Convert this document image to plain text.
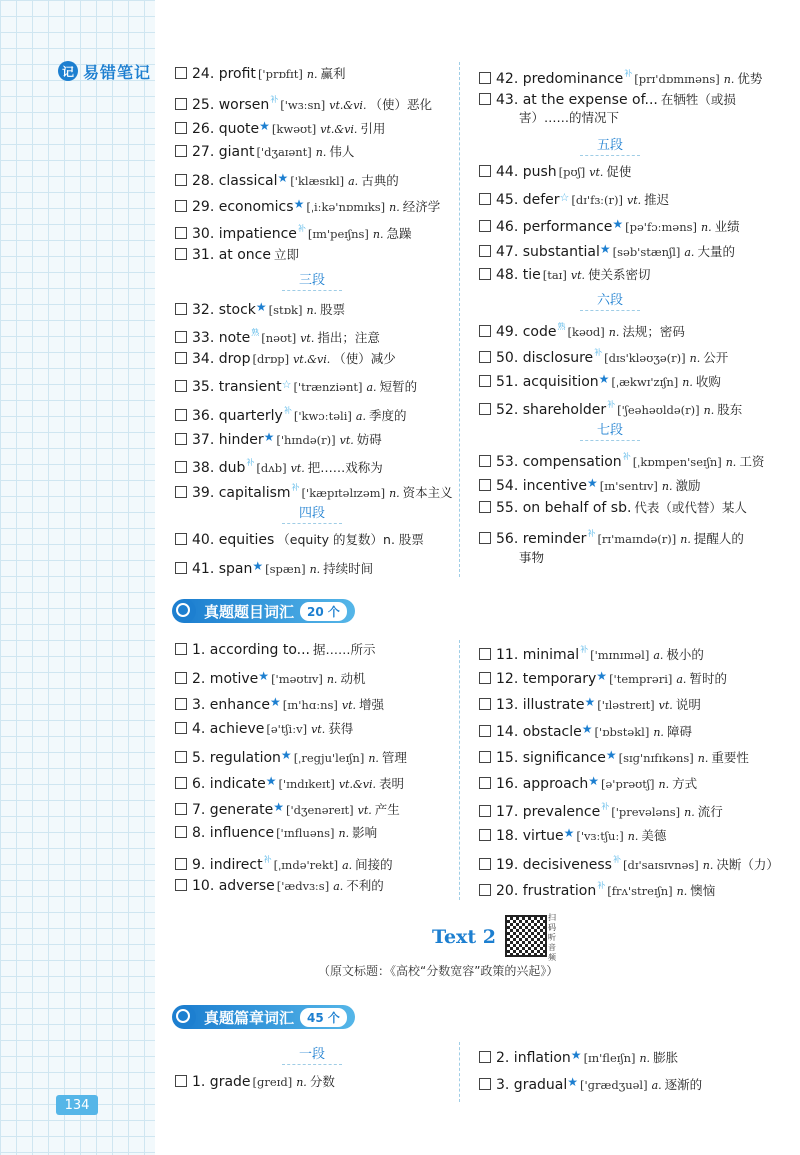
记 易错笔记	24. profit ['prɒfɪt] n. 赢利
25. worsen$^补$ ['wɜːsn] vt.&vi. （使）恶化
26. quote★ [kwəʊt] vt.&vi. 引用
27. giant ['dʒaɪənt] n. 伟人
28. classical★ ['klæsɪkl] a. 古典的
29. economics★ [ˌiːkə'nɒmɪks] n. 经济学
30. impatience$^补$ [ɪm'peɪʃns] n. 急躁
31. at once 立即
三段
32. stock★ [stɒk] n. 股票
33. note$^熟$ [nəʊt] vt. 指出；注意
34. drop [drɒp] vt.&vi. （使）减少
35. transient☆ ['trænziənt] a. 短暂的
36. quarterly$^补$ ['kwɔːtəli] a. 季度的
37. hinder★ ['hɪndə(r)] vt. 妨碍
38. dub$^补$ [dʌb] vt. 把……戏称为
39. capitalism$^补$ ['kæpɪtəlɪzəm] n. 资本主义
四段
40. equities （equity 的复数）n. 股票
41. span★ [spæn] n. 持续时间
42. predominance$^补$ [prɪ'dɒmɪnəns] n. 优势
43. at the expense of... 在牺牲（或损
害）……的情况下
五段
44. push [pʊʃ] vt. 促使
45. defer☆ [dɪ'fɜː(r)] vt. 推迟
46. performance★ [pə'fɔːməns] n. 业绩
47. substantial★ [səb'stænʃl] a. 大量的
48. tie [taɪ] vt. 使关系密切
六段
49. code$^熟$ [kəʊd] n. 法规；密码
50. disclosure$^补$ [dɪs'kləʊʒə(r)] n. 公开
51. acquisition★ [ˌækwɪ'zɪʃn] n. 收购
52. shareholder$^补$ ['ʃeəhəʊldə(r)] n. 股东
七段
53. compensation$^补$ [ˌkɒmpen'seɪʃn] n. 工资
54. incentive★ [ɪn'sentɪv] n. 激励
55. on behalf of sb. 代表（或代替）某人
56. reminder$^补$ [rɪ'maɪndə(r)] n. 提醒人的
事物
真题题目词汇	20 个
1. according to... 据……所示
2. motive★ ['məʊtɪv] n. 动机
3. enhance★ [ɪn'hɑːns] vt. 增强
4. achieve [ə'tʃiːv] vt. 获得
5. regulation★ [ˌregju'leɪʃn] n. 管理
6. indicate★ ['ɪndɪkeɪt] vt.&vi. 表明
7. generate★ ['dʒenəreɪt] vt. 产生
8. influence ['ɪnfluəns] n. 影响
9. indirect$^补$ [ˌɪndə'rekt] a. 间接的
10. adverse ['ædvɜːs] a. 不利的
11. minimal$^补$ ['mɪnɪməl] a. 极小的
12. temporary★ ['temprəri] a. 暂时的
13. illustrate★ ['ɪləstreɪt] vt. 说明
14. obstacle★ ['ɒbstəkl] n. 障碍
15. significance★ [sɪɡ'nɪfɪkəns] n. 重要性
16. approach★ [ə'prəʊtʃ] n. 方式
17. prevalence$^补$ ['prevələns] n. 流行
18. virtue★ ['vɜːtʃuː] n. 美德
19. decisiveness$^补$ [dɪ'saɪsɪvnəs] n. 决断（力）
20. frustration$^补$ [frʌ'streɪʃn] n. 懊恼
Text 2
扫码听音频
（原文标题：《高校“分数宽容”政策的兴起》）
真题篇章词汇	45 个
一段
1. grade [ɡreɪd] n. 分数
2. inflation★ [ɪn'fleɪʃn] n. 膨胀
3. gradual★ ['ɡrædʒuəl] a. 逐渐的
134
